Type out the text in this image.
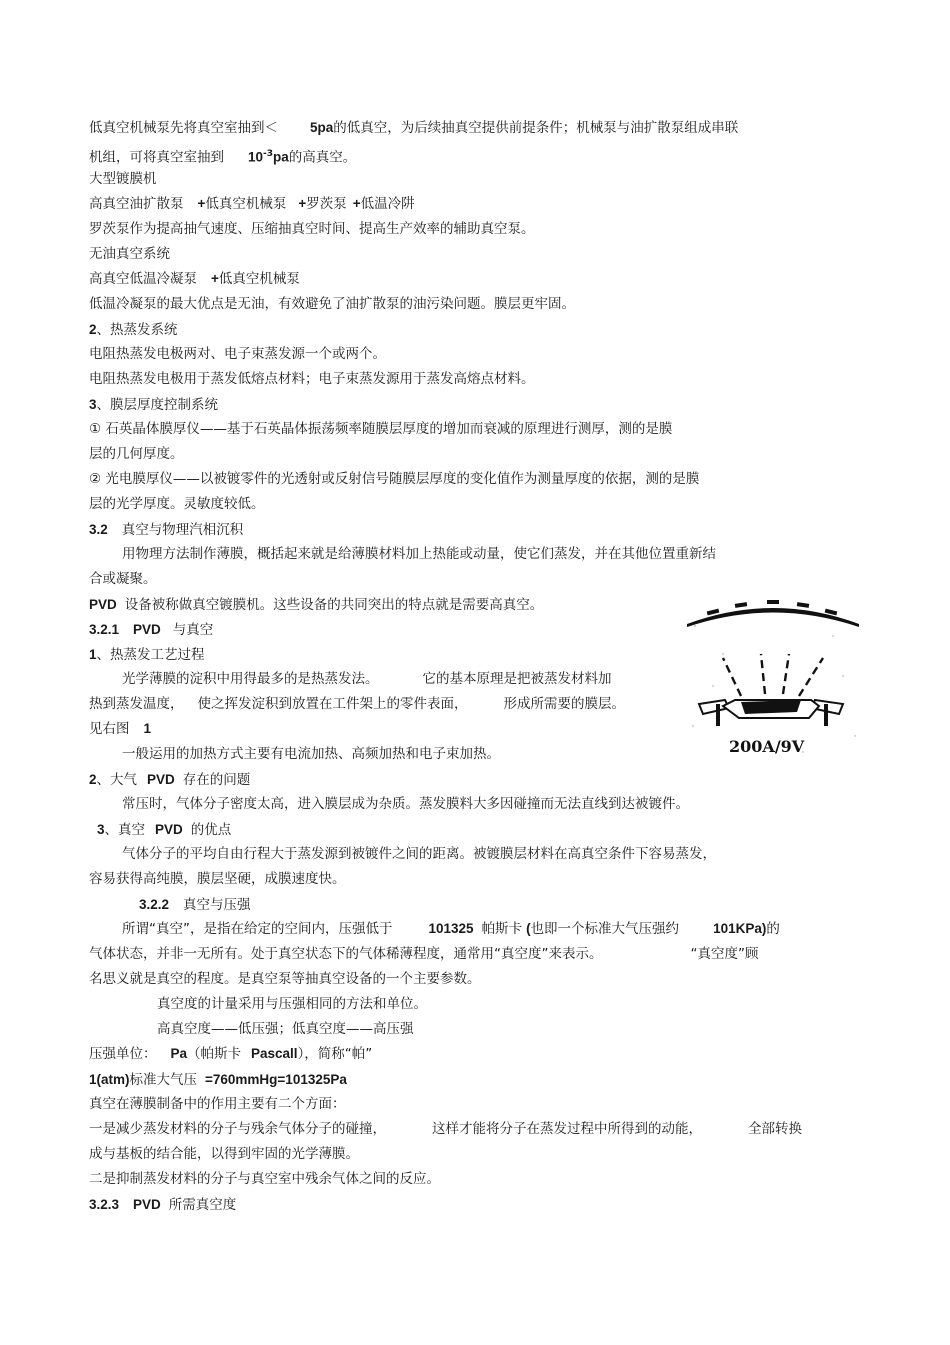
低真空机械泵先将真空室抽到＜ 5pa的低真空，为后续抽真空提供前提条件；机械泵与油扩散泵组成串联
机组，可将真空室抽到 $10^{-3}pa$的高真空。
大型镀膜机
高真空油扩散泵 +低真空机械泵 +罗茨泵 +低温冷阱
罗茨泵作为提高抽气速度、压缩抽真空时间、提高生产效率的辅助真空泵。
无油真空系统
高真空低温冷凝泵 +低真空机械泵
低温冷凝泵的最大优点是无油，有效避免了油扩散泵的油污染问题。膜层更牢固。
2、热蒸发系统
电阻热蒸发电极两对、电子束蒸发源一个或两个。
电阻热蒸发电极用于蒸发低熔点材料；电子束蒸发源用于蒸发高熔点材料。
3、膜层厚度控制系统
① 石英晶体膜厚仪——基于石英晶体振荡频率随膜层厚度的增加而衰减的原理进行测厚，测的是膜
层的几何厚度。
② 光电膜厚仪——以被镀零件的光透射或反射信号随膜层厚度的变化值作为测量厚度的依据，测的是膜
层的光学厚度。灵敏度较低。
3.2 真空与物理汽相沉积
用物理方法制作薄膜，概括起来就是给薄膜材料加上热能或动量，使它们蒸发，并在其他位置重新结
合或凝聚。
PVD 设备被称做真空镀膜机。这些设备的共同突出的特点就是需要高真空。
3.2.1 PVD 与真空
1、热蒸发工艺过程
光学薄膜的淀积中用得最多的是热蒸发法。	它的基本原理是把被蒸发材料加
热到蒸发温度， 使之挥发淀积到放置在工件架上的零件表面，	形成所需要的膜层。
见右图 1
一般运用的加热方式主要有电流加热、高频加热和电子束加热。
2、大气 PVD 存在的问题
常压时，气体分子密度太高，进入膜层成为杂质。蒸发膜料大多因碰撞而无法直线到达被镀件。
3、真空 PVD 的优点
气体分子的平均自由行程大于蒸发源到被镀件之间的距离。被镀膜层材料在高真空条件下容易蒸发，
容易获得高纯膜，膜层坚硬，成膜速度快。
3.2.2 真空与压强
所谓“真空”，是指在给定的空间内，压强低于	101325 帕斯卡 (也即一个标准大气压强约	101KPa)的
气体状态，并非一无所有。处于真空状态下的气体稀薄程度，通常用“真空度”来表示。	“真空度”顾
名思义就是真空的程度。是真空泵等抽真空设备的一个主要参数。
真空度的计量采用与压强相同的方法和单位。
高真空度——低压强；低真空度——高压强
压强单位： Pa（帕斯卡 Pascall），简称“帕”
1(atm)标准大气压 =760mmHg=101325Pa
真空在薄膜制备中的作用主要有二个方面：
一是减少蒸发材料的分子与残余气体分子的碰撞，	这样才能将分子在蒸发过程中所得到的动能，	全部转换
成与基板的结合能，以得到牢固的光学薄膜。
二是抑制蒸发材料的分子与真空室中残余气体之间的反应。
3.2.3 PVD 所需真空度
200A/9V
